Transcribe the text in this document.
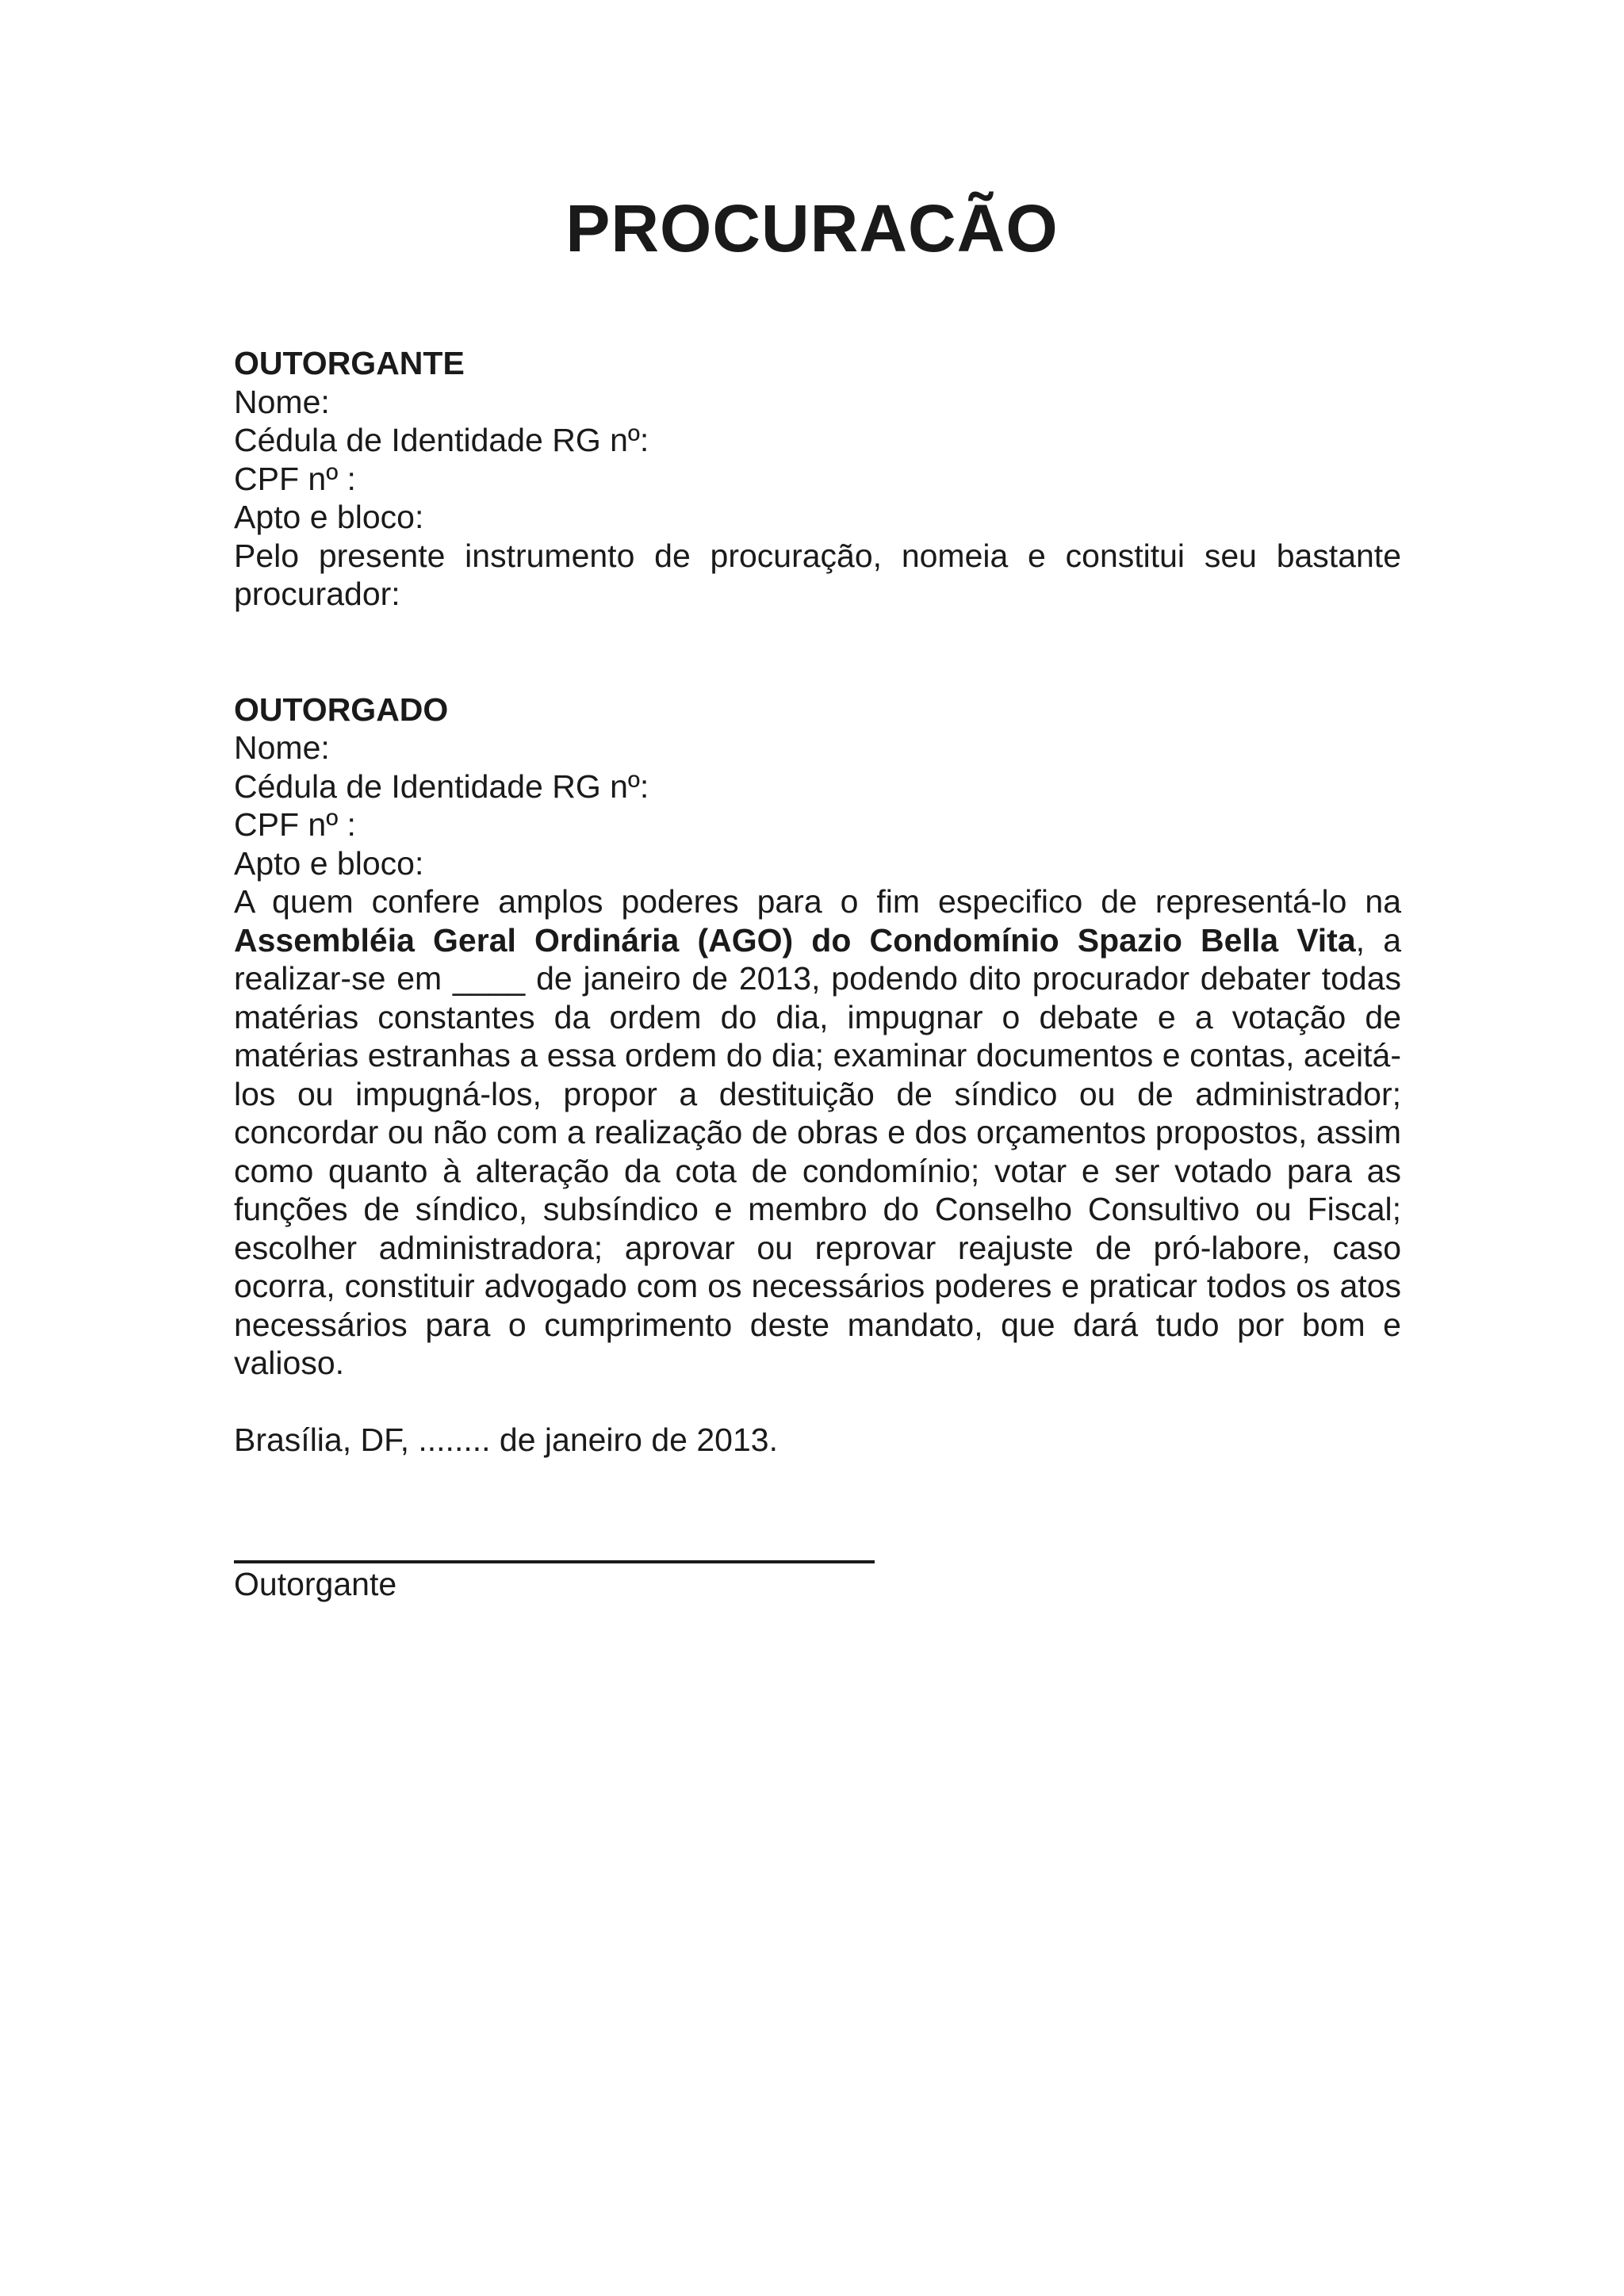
PROCURACÃO
OUTORGANTE
Nome:
Cédula de Identidade RG nº:
CPF nº :
Apto e bloco:

Pelo presente instrumento de procuração, nomeia e constitui seu bastante procurador:

OUTORGADO
Nome:
Cédula de Identidade RG nº:
CPF nº :
Apto e bloco:

A quem confere amplos poderes para o fim especifico de representá-lo na Assembléia Geral Ordinária (AGO) do Condomínio Spazio Bella Vita, a realizar-se em ____ de janeiro de 2013, podendo dito procurador debater todas matérias constantes da ordem do dia, impugnar o debate e a votação de matérias estranhas a essa ordem do dia; examinar documentos e contas, aceitá-los ou impugná-los, propor a destituição de síndico ou de administrador; concordar ou não com a realização de obras e dos orçamentos propostos, assim como quanto à alteração da cota de condomínio; votar e ser votado para as funções de síndico, subsíndico e membro do Conselho Consultivo ou Fiscal; escolher administradora; aprovar ou reprovar reajuste de pró-labore, caso ocorra, constituir advogado com os necessários poderes e praticar todos os atos necessários para o cumprimento deste mandato, que dará tudo por bom e valioso.

Brasília, DF, ........ de janeiro de 2013.

Outorgante
